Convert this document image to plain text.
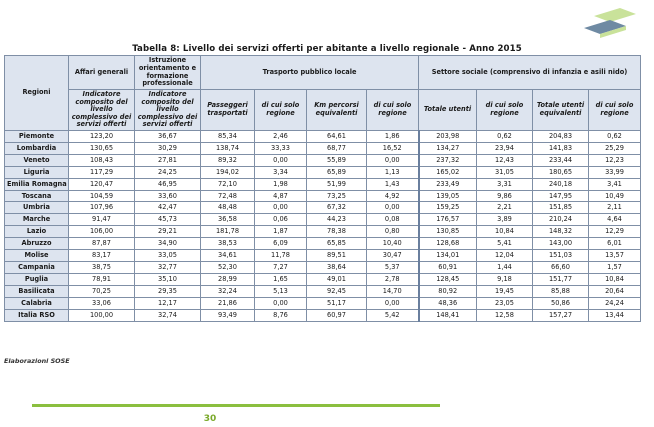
Tabella 8: Livello dei servizi offerti per abitante a livello regionale - Anno 2015
Regioni	Affari generali	Istruzione orientamento e formazione professionale	Trasporto pubblico locale				Settore sociale (comprensivo di infanzia e asili nido)			
	Indicatore composito del livello complessivo dei servizi offerti	Indicatore composito del livello complessivo dei servizi offerti	Passeggeri trasportati	di cui solo regione	Km percorsi equivalenti	di cui solo regione	Totale utenti	di cui solo regione	Totale utenti equivalenti	di cui solo regione
Piemonte	123,20	36,67	85,34	2,46	64,61	1,86	203,98	0,62	204,83	0,62
Lombardia	130,65	30,29	138,74	33,33	68,77	16,52	134,27	23,94	141,83	25,29
Veneto	108,43	27,81	89,32	0,00	55,89	0,00	237,32	12,43	233,44	12,23
Liguria	117,29	24,25	194,02	3,34	65,89	1,13	165,02	31,05	180,65	33,99
Emilia Romagna	120,47	46,95	72,10	1,98	51,99	1,43	233,49	3,31	240,18	3,41
Toscana	104,59	33,60	72,48	4,87	73,25	4,92	139,05	9,86	147,95	10,49
Umbria	107,96	42,47	48,48	0,00	67,32	0,00	159,25	2,21	151,85	2,11
Marche	91,47	45,73	36,58	0,06	44,23	0,08	176,57	3,89	210,24	4,64
Lazio	106,00	29,21	181,78	1,87	78,38	0,80	130,85	10,84	148,32	12,29
Abruzzo	87,87	34,90	38,53	6,09	65,85	10,40	128,68	5,41	143,00	6,01
Molise	83,17	33,05	34,61	11,78	89,51	30,47	134,01	12,04	151,03	13,57
Campania	38,75	32,77	52,30	7,27	38,64	5,37	60,91	1,44	66,60	1,57
Puglia	78,91	35,10	28,99	1,65	49,01	2,78	128,45	9,18	151,77	10,84
Basilicata	70,25	29,35	32,24	5,13	92,45	14,70	80,92	19,45	85,88	20,64
Calabria	33,06	12,17	21,86	0,00	51,17	0,00	48,36	23,05	50,86	24,24
Italia RSO	100,00	32,74	93,49	8,76	60,97	5,42	148,41	12,58	157,27	13,44
Elaborazioni SOSE
30
